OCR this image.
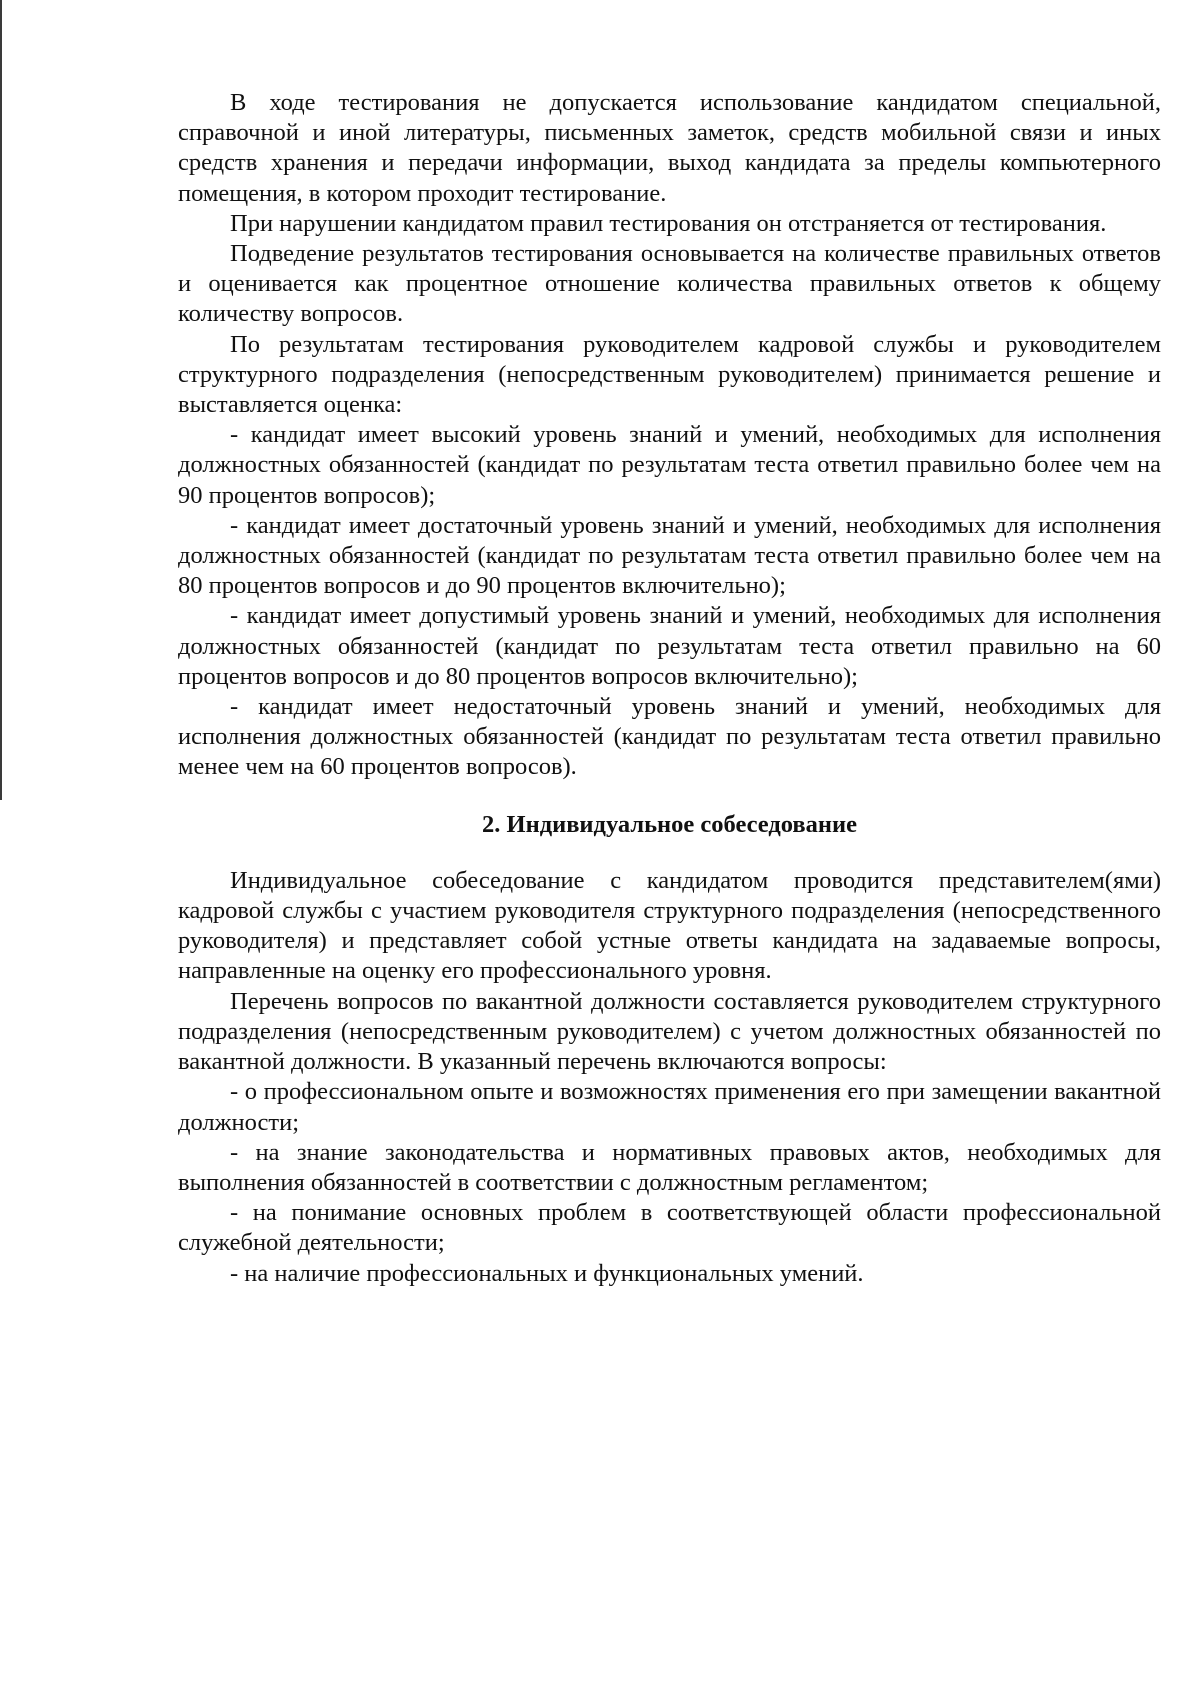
В ходе тестирования не допускается использование кандидатом специальной, справочной и иной литературы, письменных заметок, средств мобильной связи и иных средств хранения и передачи информации, выход кандидата за пределы компьютерного помещения, в котором проходит тестирование.

При нарушении кандидатом правил тестирования он отстраняется от тестирования.

Подведение результатов тестирования основывается на количестве правильных ответов и оценивается как процентное отношение количества правильных ответов к общему количеству вопросов.

По результатам тестирования руководителем кадровой службы и руководителем структурного подразделения (непосредственным руководителем) принимается решение и выставляется оценка:

- кандидат имеет высокий уровень знаний и умений, необходимых для исполнения должностных обязанностей (кандидат по результатам теста ответил правильно более чем на 90 процентов вопросов);

- кандидат имеет достаточный уровень знаний и умений, необходимых для исполнения должностных обязанностей (кандидат по результатам теста ответил правильно более чем на 80 процентов вопросов и до 90 процентов включительно);

- кандидат имеет допустимый уровень знаний и умений, необходимых для исполнения должностных обязанностей (кандидат по результатам теста ответил правильно на 60 процентов вопросов и до 80 процентов вопросов включительно);

- кандидат имеет недостаточный уровень знаний и умений, необходимых для исполнения должностных обязанностей (кандидат по результатам теста ответил правильно менее чем на 60 процентов вопросов).

2. Индивидуальное собеседование

Индивидуальное собеседование с кандидатом проводится представителем(ями) кадровой службы с участием руководителя структурного подразделения (непосредственного руководителя) и представляет собой устные ответы кандидата на задаваемые вопросы, направленные на оценку его профессионального уровня.

Перечень вопросов по вакантной должности составляется руководителем структурного подразделения (непосредственным руководителем) с учетом должностных обязанностей по вакантной должности. В указанный перечень включаются вопросы:

- о профессиональном опыте и возможностях применения его при замещении вакантной должности;

- на знание законодательства и нормативных правовых актов, необходимых для выполнения обязанностей в соответствии с должностным регламентом;

- на понимание основных проблем в соответствующей области профессиональной служебной деятельности;

- на наличие профессиональных и функциональных умений.
